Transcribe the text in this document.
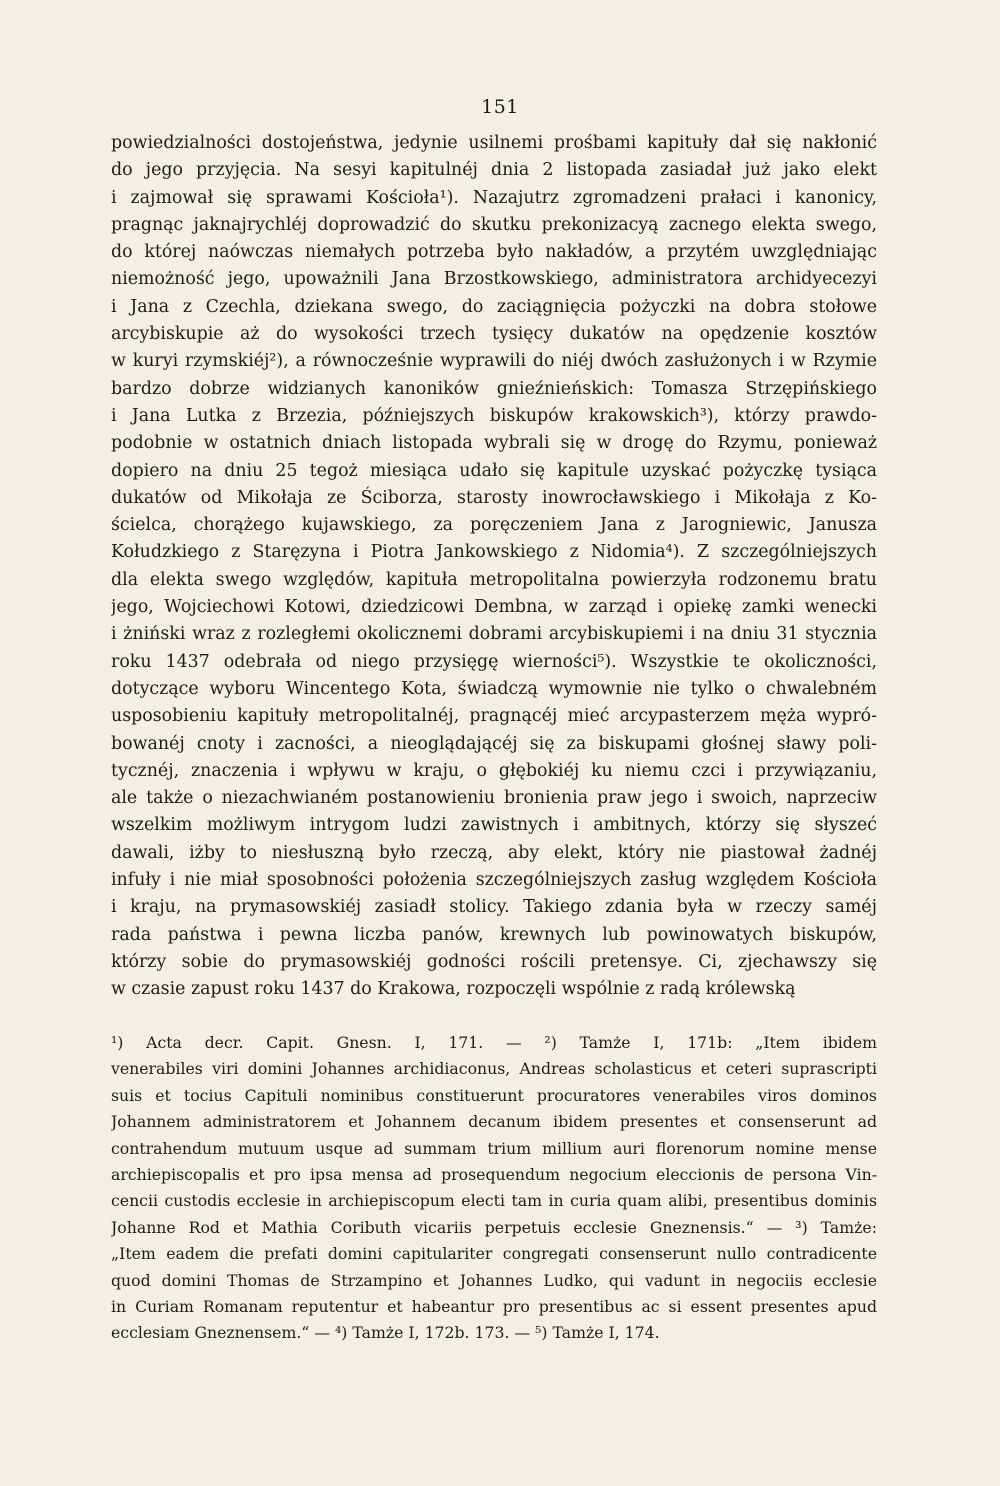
151
powiedzialności dostojeństwa, jedynie usilnemi prośbami kapituły dał się nakłonić
do jego przyjęcia. Na sesyi kapitulnéj dnia 2 listopada zasiadał już jako elekt
i zajmował się sprawami Kościoła¹). Nazajutrz zgromadzeni prałaci i kanonicy,
pragnąc jaknajrychléj doprowadzić do skutku prekonizacyą zacnego elekta swego,
do której naówczas niemałych potrzeba było nakładów, a przytém uwzględniając
niemożność jego, upoważnili Jana Brzostkowskiego, administratora archidyecezyi
i Jana z Czechla, dziekana swego, do zaciągnięcia pożyczki na dobra stołowe
arcybiskupie aż do wysokości trzech tysięcy dukatów na opędzenie kosztów
w kuryi rzymskiéj²), a równocześnie wyprawili do niéj dwóch zasłużonych i w Rzymie
bardzo dobrze widzianych kanoników gnieźnieńskich: Tomasza Strzępińskiego
i Jana Lutka z Brzezia, późniejszych biskupów krakowskich³), którzy prawdo-
podobnie w ostatnich dniach listopada wybrali się w drogę do Rzymu, ponieważ
dopiero na dniu 25 tegoż miesiąca udało się kapitule uzyskać pożyczkę tysiąca
dukatów od Mikołaja ze Ściborza, starosty inowrocławskiego i Mikołaja z Ko-
ścielca, chorążego kujawskiego, za poręczeniem Jana z Jarogniewic, Janusza
Kołudzkiego z Staręzyna i Piotra Jankowskiego z Nidomia⁴). Z szczególniejszych
dla elekta swego względów, kapituła metropolitalna powierzyła rodzonemu bratu
jego, Wojciechowi Kotowi, dziedzicowi Dembna, w zarząd i opiekę zamki wenecki
i żniński wraz z rozległemi okolicznemi dobrami arcybiskupiemi i na dniu 31 stycznia
roku 1437 odebrała od niego przysięgę wierności⁵). Wszystkie te okoliczności,
dotyczące wyboru Wincentego Kota, świadczą wymownie nie tylko o chwalebném
usposobieniu kapituły metropolitalnéj, pragnącéj mieć arcypasterzem męża wypró-
bowanéj cnoty i zacności, a nieoglądającéj się za biskupami głośnej sławy poli-
tycznéj, znaczenia i wpływu w kraju, o głębokiéj ku niemu czci i przywiązaniu,
ale także o niezachwianém postanowieniu bronienia praw jego i swoich, naprzeciw
wszelkim możliwym intrygom ludzi zawistnych i ambitnych, którzy się słyszeć
dawali, iżby to niesłuszną było rzeczą, aby elekt, który nie piastował żadnéj
infuły i nie miał sposobności położenia szczególniejszych zasług względem Kościoła
i kraju, na prymasowskiéj zasiadł stolicy. Takiego zdania była w rzeczy saméj
rada państwa i pewna liczba panów, krewnych lub powinowatych biskupów,
którzy sobie do prymasowskiéj godności rościli pretensye. Ci, zjechawszy się
w czasie zapust roku 1437 do Krakowa, rozpoczęli wspólnie z radą królewską
¹) Acta decr. Capit. Gnesn. I, 171. — ²) Tamże I, 171b: „Item ibidem
venerabiles viri domini Johannes archidiaconus, Andreas scholasticus et ceteri suprascripti
suis et tocius Capituli nominibus constituerunt procuratores venerabiles viros dominos
Johannem administratorem et Johannem decanum ibidem presentes et consenserunt ad
contrahendum mutuum usque ad summam trium millium auri florenorum nomine mense
archiepiscopalis et pro ipsa mensa ad prosequendum negocium eleccionis de persona Vin-
cencii custodis ecclesie in archiepiscopum electi tam in curia quam alibi, presentibus dominis
Johanne Rod et Mathia Coributh vicariis perpetuis ecclesie Gneznensis.“ — ³) Tamże:
„Item eadem die prefati domini capitulariter congregati consenserunt nullo contradicente
quod domini Thomas de Strzampino et Johannes Ludko, qui vadunt in negociis ecclesie
in Curiam Romanam reputentur et habeantur pro presentibus ac si essent presentes apud
ecclesiam Gneznensem.“ — ⁴) Tamże I, 172b. 173. — ⁵) Tamże I, 174.
